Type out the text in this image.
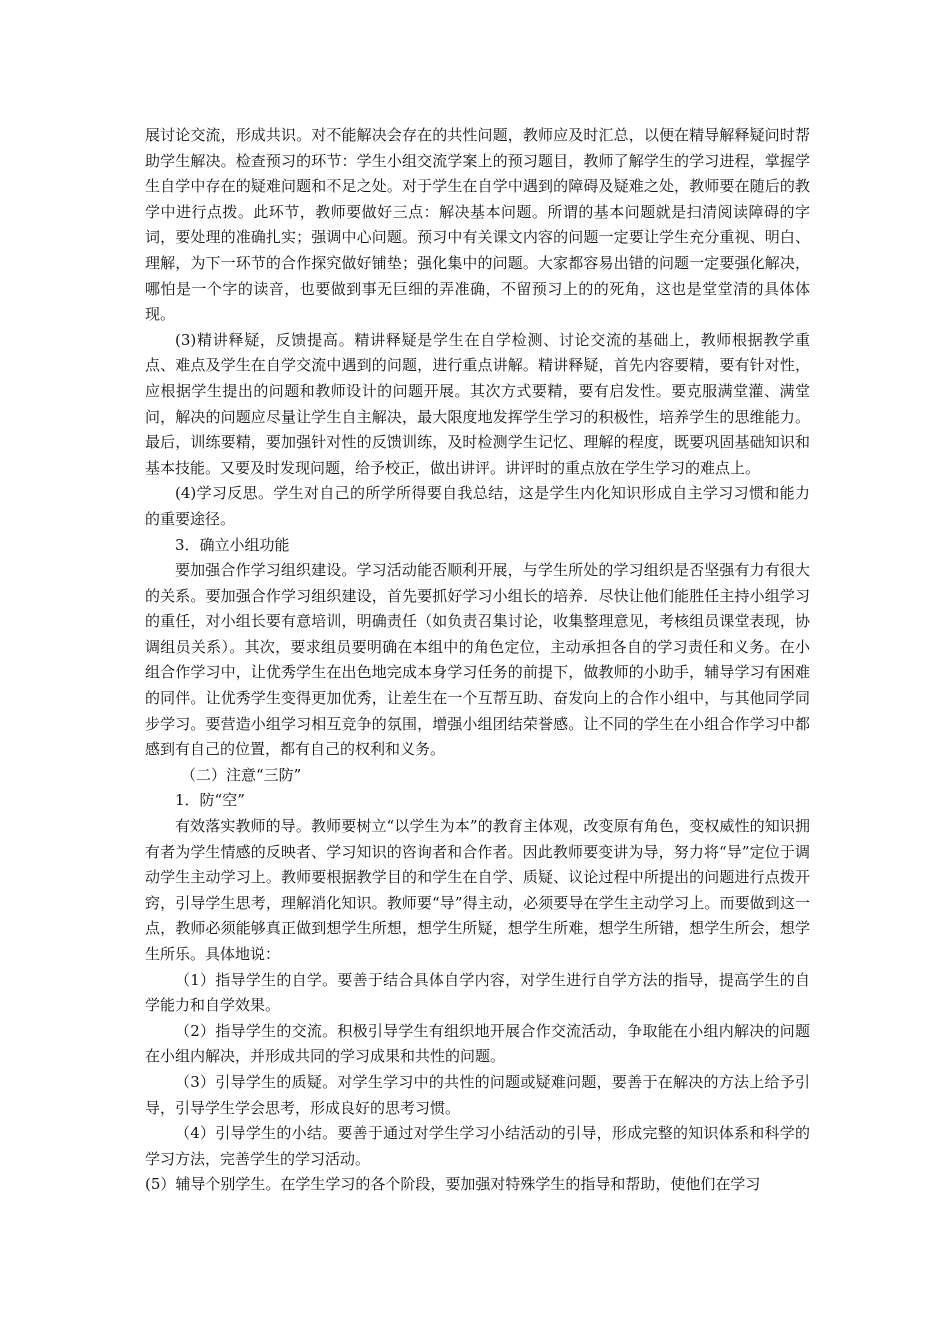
展讨论交流，形成共识。对不能解决会存在的共性问题，教师应及时汇总，以便在精导解释疑问时帮助学生解决。检查预习的环节：学生小组交流学案上的预习题目，教师了解学生的学习进程，掌握学生自学中存在的疑难问题和不足之处。对于学生在自学中遇到的障碍及疑难之处，教师要在随后的教学中进行点拨。此环节，教师要做好三点：解决基本问题。所谓的基本问题就是扫清阅读障碍的字词，要处理的准确扎实；强调中心问题。预习中有关课文内容的问题一定要让学生充分重视、明白、理解，为下一环节的合作探究做好铺垫；强化集中的问题。大家都容易出错的问题一定要强化解决，哪怕是一个字的读音，也要做到事无巨细的弄准确，不留预习上的的死角，这也是堂堂清的具体体现。

(3)精讲释疑，反馈提高。精讲释疑是学生在自学检测、讨论交流的基础上，教师根据教学重点、难点及学生在自学交流中遇到的问题，进行重点讲解。精讲释疑，首先内容要精，要有针对性，应根据学生提出的问题和教师设计的问题开展。其次方式要精，要有启发性。要克服满堂灌、满堂问，解决的问题应尽量让学生自主解决，最大限度地发挥学生学习的积极性，培养学生的思维能力。最后，训练要精，要加强针对性的反馈训练，及时检测学生记忆、理解的程度，既要巩固基础知识和基本技能。又要及时发现问题，给予校正，做出讲评。讲评时的重点放在学生学习的难点上。

(4)学习反思。学生对自己的所学所得要自我总结，这是学生内化知识形成自主学习习惯和能力的重要途径。

3．确立小组功能

要加强合作学习组织建设。学习活动能否顺利开展，与学生所处的学习组织是否坚强有力有很大的关系。要加强合作学习组织建设，首先要抓好学习小组长的培养．尽快让他们能胜任主持小组学习的重任，对小组长要有意培训，明确责任（如负责召集讨论，收集整理意见，考核组员课堂表现，协调组员关系）。其次，要求组员要明确在本组中的角色定位，主动承担各自的学习责任和义务。在小组合作学习中，让优秀学生在出色地完成本身学习任务的前提下，做教师的小助手，辅导学习有困难的同伴。让优秀学生变得更加优秀，让差生在一个互帮互助、奋发向上的合作小组中，与其他同学同步学习。要营造小组学习相互竞争的氛围，增强小组团结荣誉感。让不同的学生在小组合作学习中都感到有自己的位置，都有自己的权利和义务。

（二）注意“三防”

1．防“空”

有效落实教师的导。教师要树立“以学生为本”的教育主体观，改变原有角色，变权威性的知识拥有者为学生情感的反映者、学习知识的咨询者和合作者。因此教师要变讲为导，努力将“导”定位于调动学生主动学习上。教师要根据教学目的和学生在自学、质疑、议论过程中所提出的问题进行点拨开窍，引导学生思考，理解消化知识。教师要“导”得主动，必须要导在学生主动学习上。而要做到这一点，教师必须能够真正做到想学生所想，想学生所疑，想学生所难，想学生所错，想学生所会，想学生所乐。具体地说：

（1）指导学生的自学。要善于结合具体自学内容，对学生进行自学方法的指导，提高学生的自学能力和自学效果。

（2）指导学生的交流。积极引导学生有组织地开展合作交流活动，争取能在小组内解决的问题在小组内解决，并形成共同的学习成果和共性的问题。

（3）引导学生的质疑。对学生学习中的共性的问题或疑难问题，要善于在解决的方法上给予引导，引导学生学会思考，形成良好的思考习惯。

（4）引导学生的小结。要善于通过对学生学习小结活动的引导，形成完整的知识体系和科学的学习方法，完善学生的学习活动。

(5）辅导个别学生。在学生学习的各个阶段，要加强对特殊学生的指导和帮助，使他们在学习
